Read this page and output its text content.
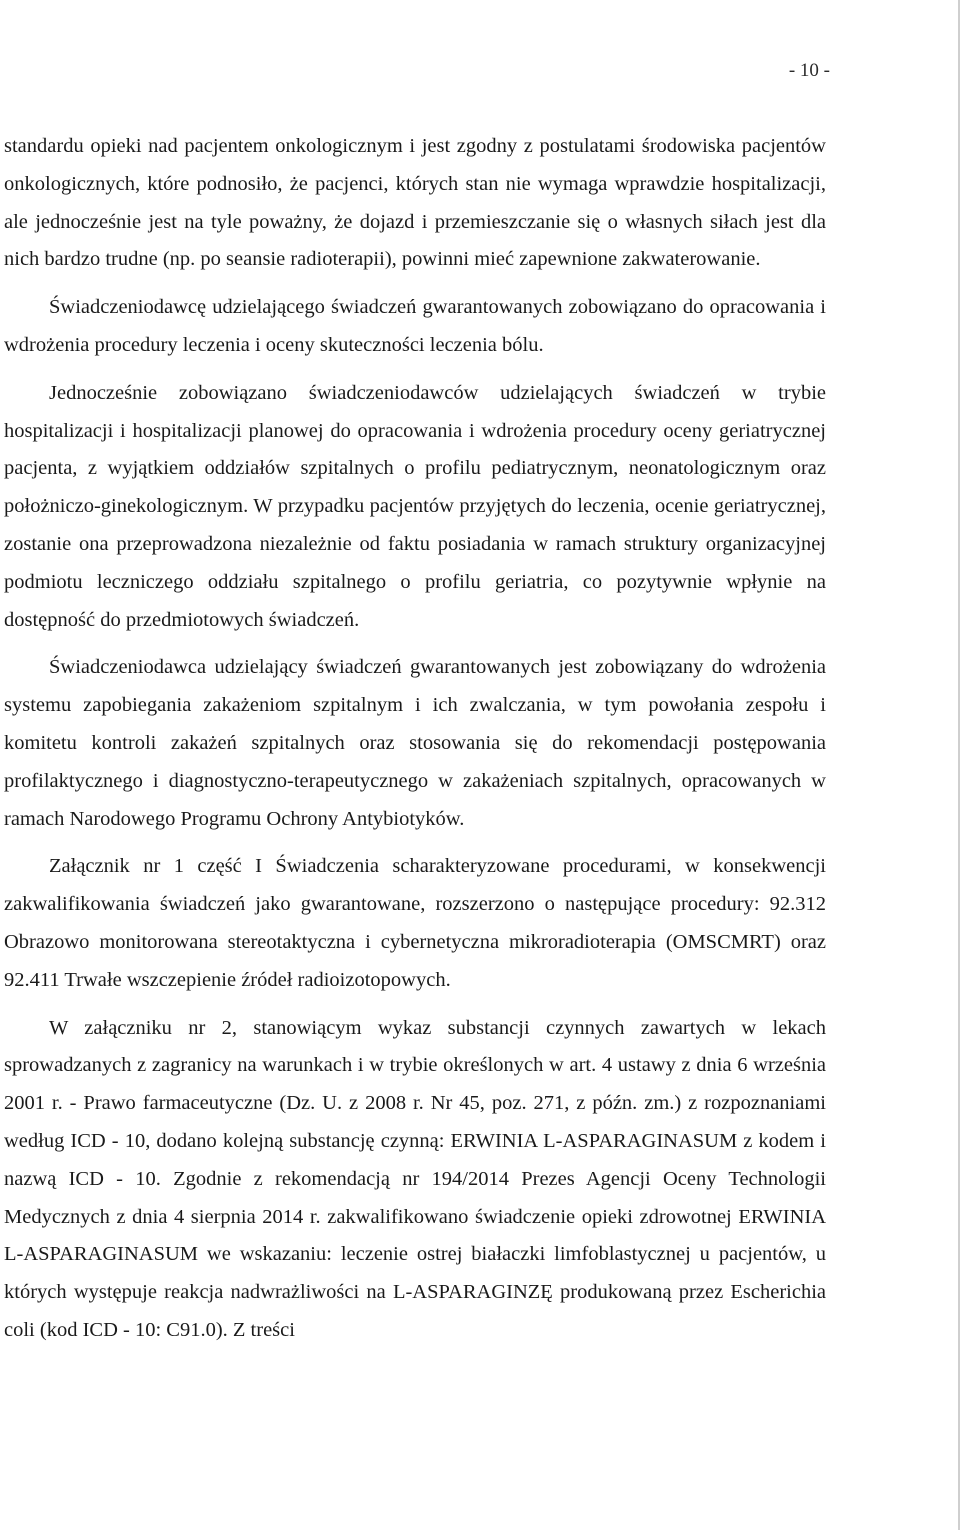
- 10 -

standardu opieki nad pacjentem onkologicznym i jest zgodny z postulatami środowiska pacjentów onkologicznych, które podnosiło, że pacjenci, których stan nie wymaga wprawdzie hospitalizacji, ale jednocześnie jest na tyle poważny, że dojazd i przemieszczanie się o własnych siłach jest dla nich bardzo trudne (np. po seansie radioterapii), powinni mieć zapewnione zakwaterowanie.

Świadczeniodawcę udzielającego świadczeń gwarantowanych zobowiązano do opracowania i wdrożenia procedury leczenia i oceny skuteczności leczenia bólu.

Jednocześnie zobowiązano świadczeniodawców udzielających świadczeń w trybie hospitalizacji i hospitalizacji planowej do opracowania i wdrożenia procedury oceny geriatrycznej pacjenta, z wyjątkiem oddziałów szpitalnych o profilu pediatrycznym, neonatologicznym oraz położniczo-ginekologicznym. W przypadku pacjentów przyjętych do leczenia, ocenie geriatrycznej, zostanie ona przeprowadzona niezależnie od faktu posiadania w ramach struktury organizacyjnej podmiotu leczniczego oddziału szpitalnego o profilu geriatria, co pozytywnie wpłynie na dostępność do przedmiotowych świadczeń.

Świadczeniodawca udzielający świadczeń gwarantowanych jest zobowiązany do wdrożenia systemu zapobiegania zakażeniom szpitalnym i ich zwalczania, w tym powołania zespołu i komitetu kontroli zakażeń szpitalnych oraz stosowania się do rekomendacji postępowania profilaktycznego i diagnostyczno-terapeutycznego w zakażeniach szpitalnych, opracowanych w ramach Narodowego Programu Ochrony Antybiotyków.

Załącznik nr 1 część I Świadczenia scharakteryzowane procedurami, w konsekwencji zakwalifikowania świadczeń jako gwarantowane, rozszerzono o następujące procedury: 92.312 Obrazowo monitorowana stereotaktyczna i cybernetyczna mikroradioterapia (OMSCMRT) oraz 92.411 Trwałe wszczepienie źródeł radioizotopowych.

W załączniku nr 2, stanowiącym wykaz substancji czynnych zawartych w lekach sprowadzanych z zagranicy na warunkach i w trybie określonych w art. 4 ustawy z dnia 6 września 2001 r. - Prawo farmaceutyczne (Dz. U. z 2008 r. Nr 45, poz. 271, z późn. zm.) z rozpoznaniami według ICD - 10, dodano kolejną substancję czynną: ERWINIA L-ASPARAGINASUM z kodem i nazwą ICD - 10. Zgodnie z rekomendacją nr 194/2014 Prezes Agencji Oceny Technologii Medycznych z dnia 4 sierpnia 2014 r. zakwalifikowano świadczenie opieki zdrowotnej ERWINIA L-ASPARAGINASUM we wskazaniu: leczenie ostrej białaczki limfoblastycznej u pacjentów, u których występuje reakcja nadwrażliwości na L-ASPARAGINZĘ produkowaną przez Escherichia coli (kod ICD - 10: C91.0). Z treści
